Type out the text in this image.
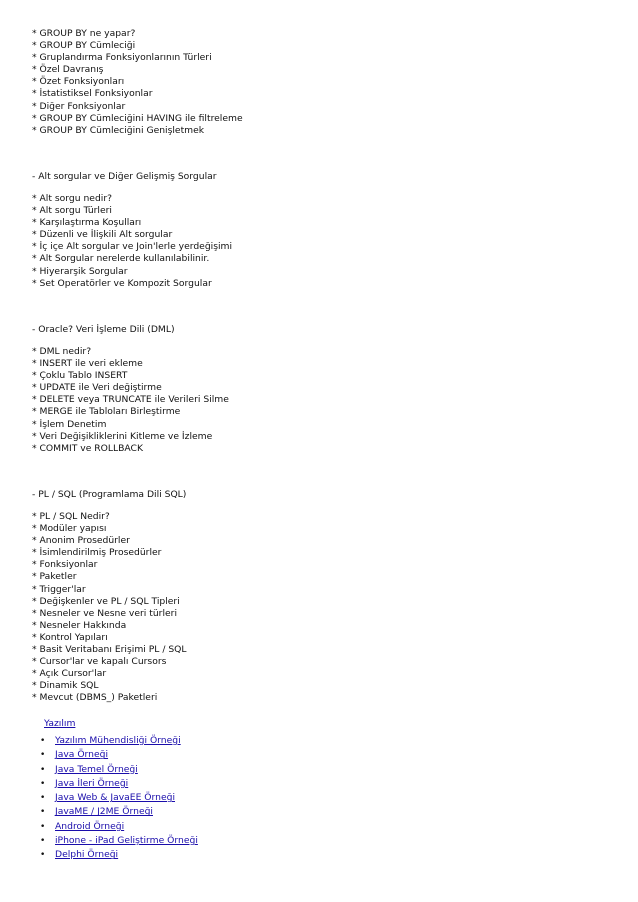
* GROUP BY ne yapar?
* GROUP BY Cümleciği
* Gruplandırma Fonksiyonlarının Türleri
* Özel Davranış
* Özet Fonksiyonları
* İstatistiksel Fonksiyonlar
* Diğer Fonksiyonlar
* GROUP BY Cümleciğini HAVING ile filtreleme
* GROUP BY Cümleciğini Genişletmek
- Alt sorgular ve Diğer Gelişmiş Sorgular
* Alt sorgu nedir?
* Alt sorgu Türleri
* Karşılaştırma Koşulları
* Düzenli ve İlişkili Alt sorgular
* İç içe Alt sorgular ve Join'lerle yerdeğişimi
* Alt Sorgular nerelerde kullanılabilinir.
* Hiyerarşik Sorgular
* Set Operatörler ve Kompozit Sorgular
- Oracle? Veri İşleme Dili (DML)
* DML nedir?
* INSERT ile veri ekleme
* Çoklu Tablo INSERT
* UPDATE ile Veri değiştirme
* DELETE veya TRUNCATE ile Verileri Silme
* MERGE ile Tabloları Birleştirme
* İşlem Denetim
* Veri Değişikliklerini Kitleme ve İzleme
* COMMIT ve ROLLBACK
- PL / SQL (Programlama Dili SQL)
* PL / SQL Nedir?
* Modüler yapısı
* Anonim Prosedürler
* İsimlendirilmiş Prosedürler
* Fonksiyonlar
* Paketler
* Trigger'lar
* Değişkenler ve PL / SQL Tipleri
* Nesneler ve Nesne veri türleri
* Nesneler Hakkında
* Kontrol Yapıları
* Basit Veritabanı Erişimi PL / SQL
* Cursor'lar ve kapalı Cursors
* Açık Cursor'lar
* Dinamik SQL
* Mevcut (DBMS_) Paketleri
Yazılım
•	Yazılım Mühendisliği Örneği
•	Java Örneği
•	Java Temel Örneği
•	Java İleri Örneği
•	Java Web & JavaEE Örneği
•	JavaME / J2ME Örneği
•	Android Örneği
•	iPhone - iPad Geliştirme Örneği
•	Delphi Örneği
